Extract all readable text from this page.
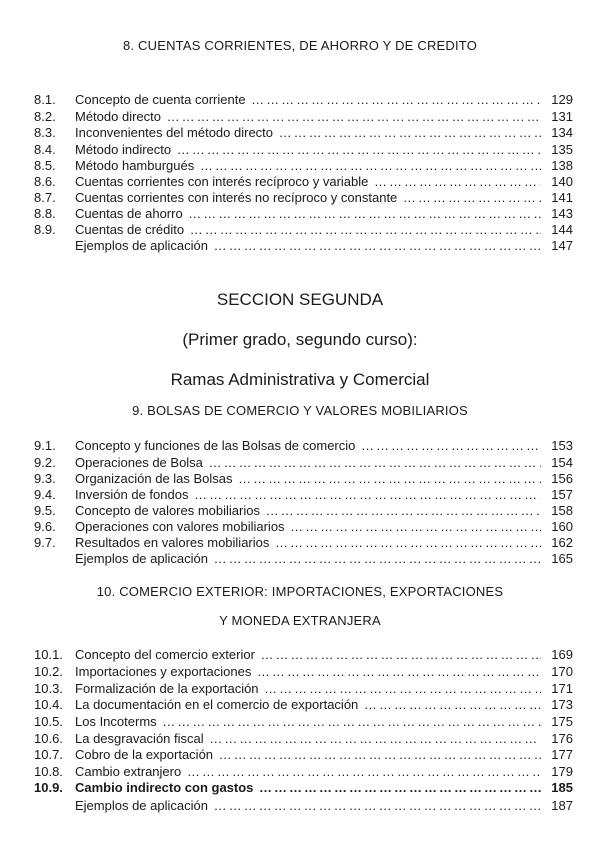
8. CUENTAS CORRIENTES, DE AHORRO Y DE CREDITO
8.1. Concepto de cuenta corriente ………………………………………………………………………………………………………………………………………………………………	129
8.2. Método directo ………………………………………………………………………………………………………………………………………………………………	131
8.3. Inconvenientes del método directo ………………………………………………………………………………………………………………………………………………………………	134
8.4. Método indirecto ………………………………………………………………………………………………………………………………………………………………	135
8.5. Método hamburgués ………………………………………………………………………………………………………………………………………………………………	138
8.6. Cuentas corrientes con interés recíproco y variable ………………………………………………………………………………………………………………………………………………………………	140
8.7. Cuentas corrientes con interés no recíproco y constante ………………………………………………………………………………………………………………………………………………………………	141
8.8. Cuentas de ahorro ………………………………………………………………………………………………………………………………………………………………	143
8.9. Cuentas de crédito ………………………………………………………………………………………………………………………………………………………………	144
Ejemplos de aplicación ………………………………………………………………………………………………………………………………………………………………	147
SECCION SEGUNDA
(Primer grado, segundo curso):
Ramas Administrativa y Comercial
9. BOLSAS DE COMERCIO Y VALORES MOBILIARIOS
9.1. Concepto y funciones de las Bolsas de comercio ………………………………………………………………………………………………………………………………………………………………	153
9.2. Operaciones de Bolsa ………………………………………………………………………………………………………………………………………………………………	154
9.3. Organización de las Bolsas ………………………………………………………………………………………………………………………………………………………………	156
9.4. Inversión de fondos ………………………………………………………………………………………………………………………………………………………………	157
9.5. Concepto de valores mobiliarios ………………………………………………………………………………………………………………………………………………………………	158
9.6. Operaciones con valores mobiliarios ………………………………………………………………………………………………………………………………………………………………	160
9.7. Resultados en valores mobiliarios ………………………………………………………………………………………………………………………………………………………………	162
Ejemplos de aplicación ………………………………………………………………………………………………………………………………………………………………	165
10. COMERCIO EXTERIOR: IMPORTACIONES, EXPORTACIONES
Y MONEDA EXTRANJERA
10.1. Concepto del comercio exterior ………………………………………………………………………………………………………………………………………………………………	169
10.2. Importaciones y exportaciones ………………………………………………………………………………………………………………………………………………………………	170
10.3. Formalización de la exportación ………………………………………………………………………………………………………………………………………………………………	171
10.4. La documentación en el comercio de exportación ………………………………………………………………………………………………………………………………………………………………	173
10.5. Los Incoterms ………………………………………………………………………………………………………………………………………………………………	175
10.6. La desgravación fiscal ………………………………………………………………………………………………………………………………………………………………	176
10.7. Cobro de la exportación ………………………………………………………………………………………………………………………………………………………………	177
10.8. Cambio extranjero ………………………………………………………………………………………………………………………………………………………………	179
10.9. Cambio indirecto con gastos ………………………………………………………………………………………………………………………………………………………………	185
Ejemplos de aplicación ………………………………………………………………………………………………………………………………………………………………	187
